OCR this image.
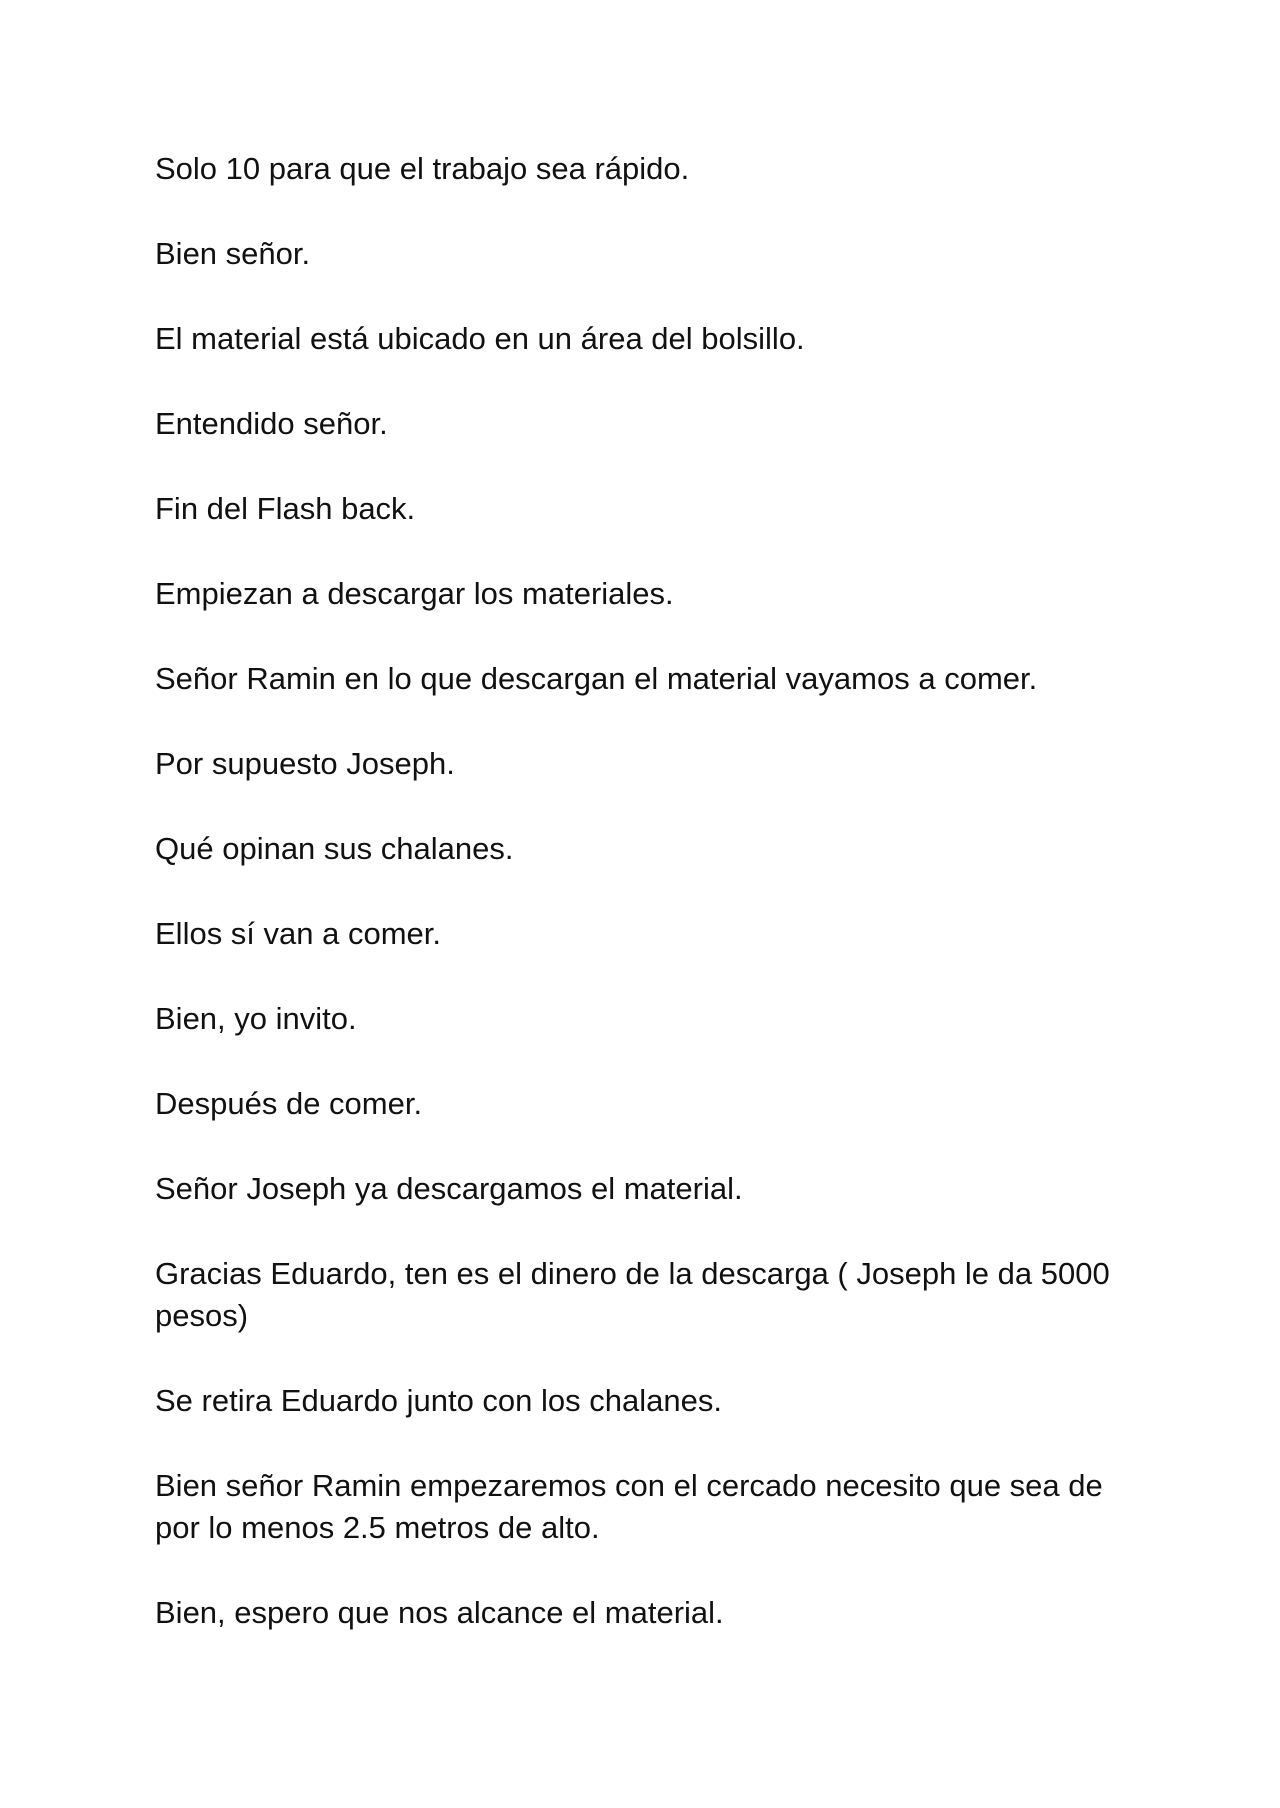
Solo 10 para que el trabajo sea rápido.

Bien señor.

El material está ubicado en un área del bolsillo.

Entendido señor.

Fin del Flash back.

Empiezan a descargar los materiales.

Señor Ramin en lo que descargan el material vayamos a comer.

Por supuesto Joseph.

Qué opinan sus chalanes.

Ellos sí van a comer.

Bien, yo invito.

Después de comer.

Señor Joseph ya descargamos el material.

Gracias Eduardo, ten es el dinero de la descarga ( Joseph le da 5000 pesos)

Se retira Eduardo junto con los chalanes.

Bien señor Ramin empezaremos con el cercado necesito que sea de por lo menos 2.5 metros de alto.

Bien, espero que nos alcance el material.
